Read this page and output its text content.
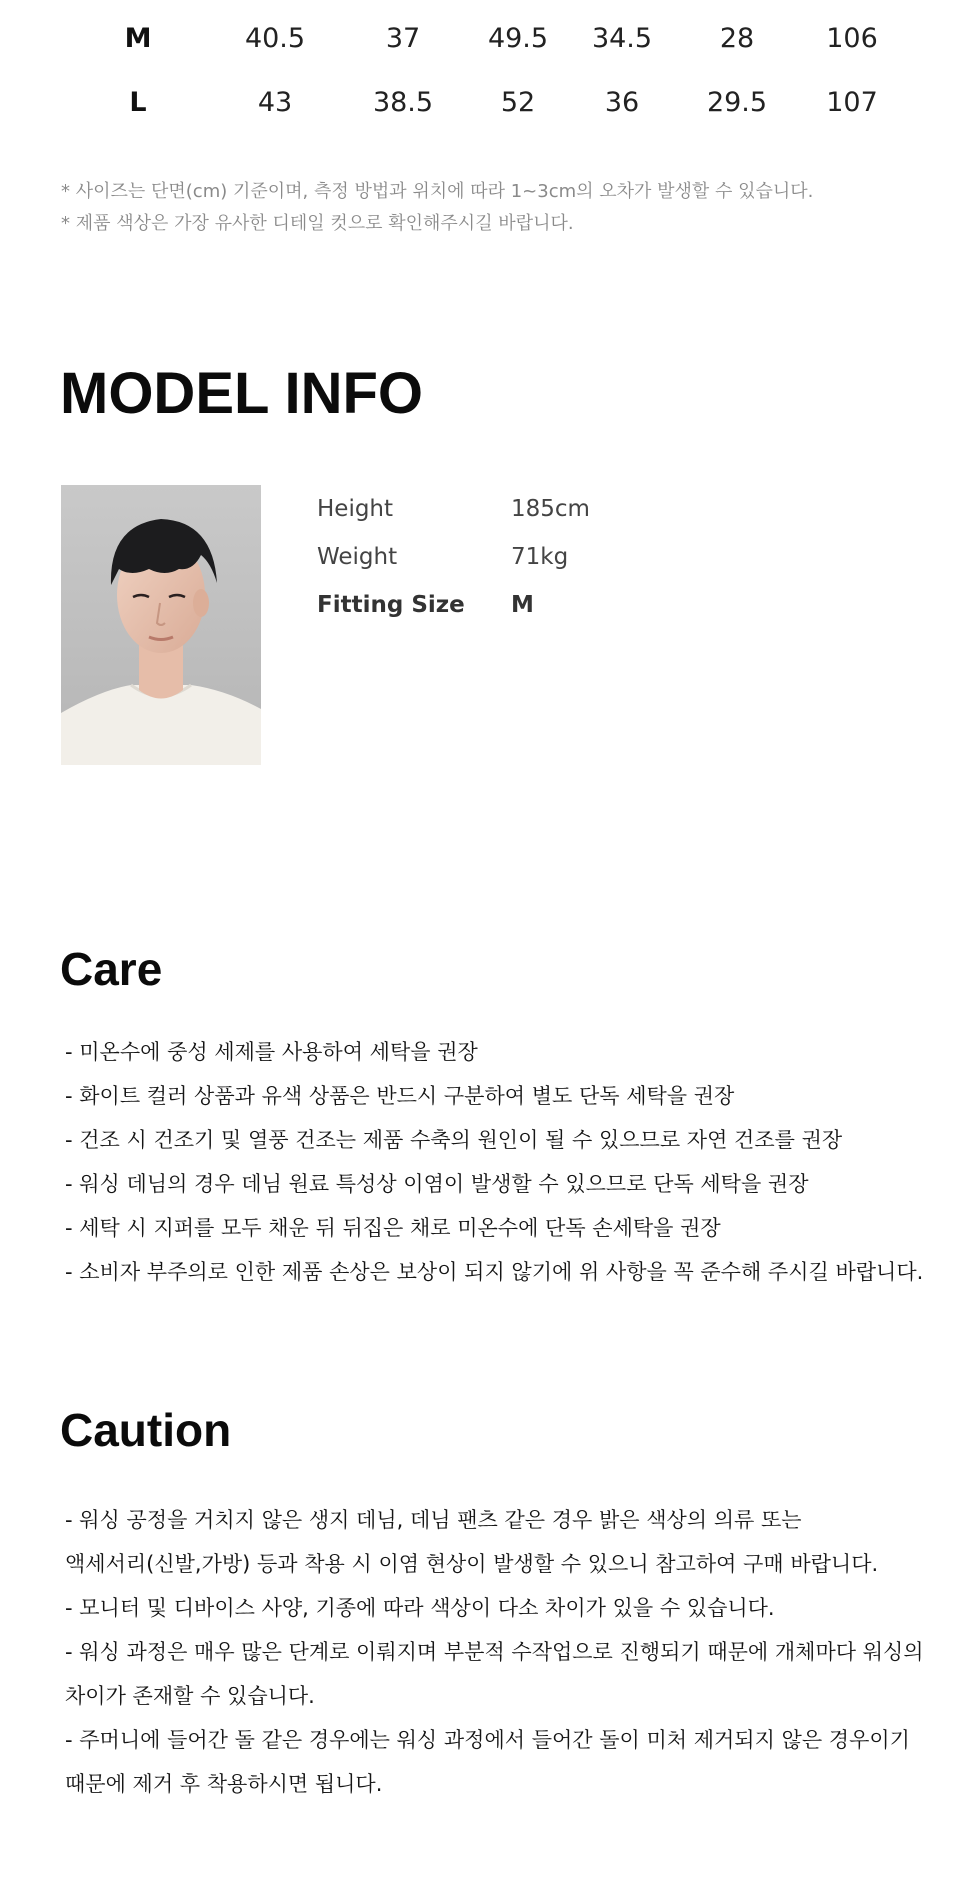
M	40.5	37	49.5	34.5	28	106
L	43	38.5	52	36	29.5	107
* 사이즈는 단면(cm) 기준이며, 측정 방법과 위치에 따라 1~3cm의 오차가 발생할 수 있습니다.
* 제품 색상은 가장 유사한 디테일 컷으로 확인해주시길 바랍니다.
MODEL INFO
Height	185cm
Weight	71kg
Fitting Size M
Care
- 미온수에 중성 세제를 사용하여 세탁을 권장
- 화이트 컬러 상품과 유색 상품은 반드시 구분하여 별도 단독 세탁을 권장
- 건조 시 건조기 및 열풍 건조는 제품 수축의 원인이 될 수 있으므로 자연 건조를 권장
- 워싱 데님의 경우 데님 원료 특성상 이염이 발생할 수 있으므로 단독 세탁을 권장
- 세탁 시 지퍼를 모두 채운 뒤 뒤집은 채로 미온수에 단독 손세탁을 권장
- 소비자 부주의로 인한 제품 손상은 보상이 되지 않기에 위 사항을 꼭 준수해 주시길 바랍니다.
Caution
- 워싱 공정을 거치지 않은 생지 데님, 데님 팬츠 같은 경우 밝은 색상의 의류 또는
액세서리(신발,가방) 등과 착용 시 이염 현상이 발생할 수 있으니 참고하여 구매 바랍니다.
- 모니터 및 디바이스 사양, 기종에 따라 색상이 다소 차이가 있을 수 있습니다.
- 워싱 과정은 매우 많은 단계로 이뤄지며 부분적 수작업으로 진행되기 때문에 개체마다 워싱의
차이가 존재할 수 있습니다.
- 주머니에 들어간 돌 같은 경우에는 워싱 과정에서 들어간 돌이 미처 제거되지 않은 경우이기
때문에 제거 후 착용하시면 됩니다.
